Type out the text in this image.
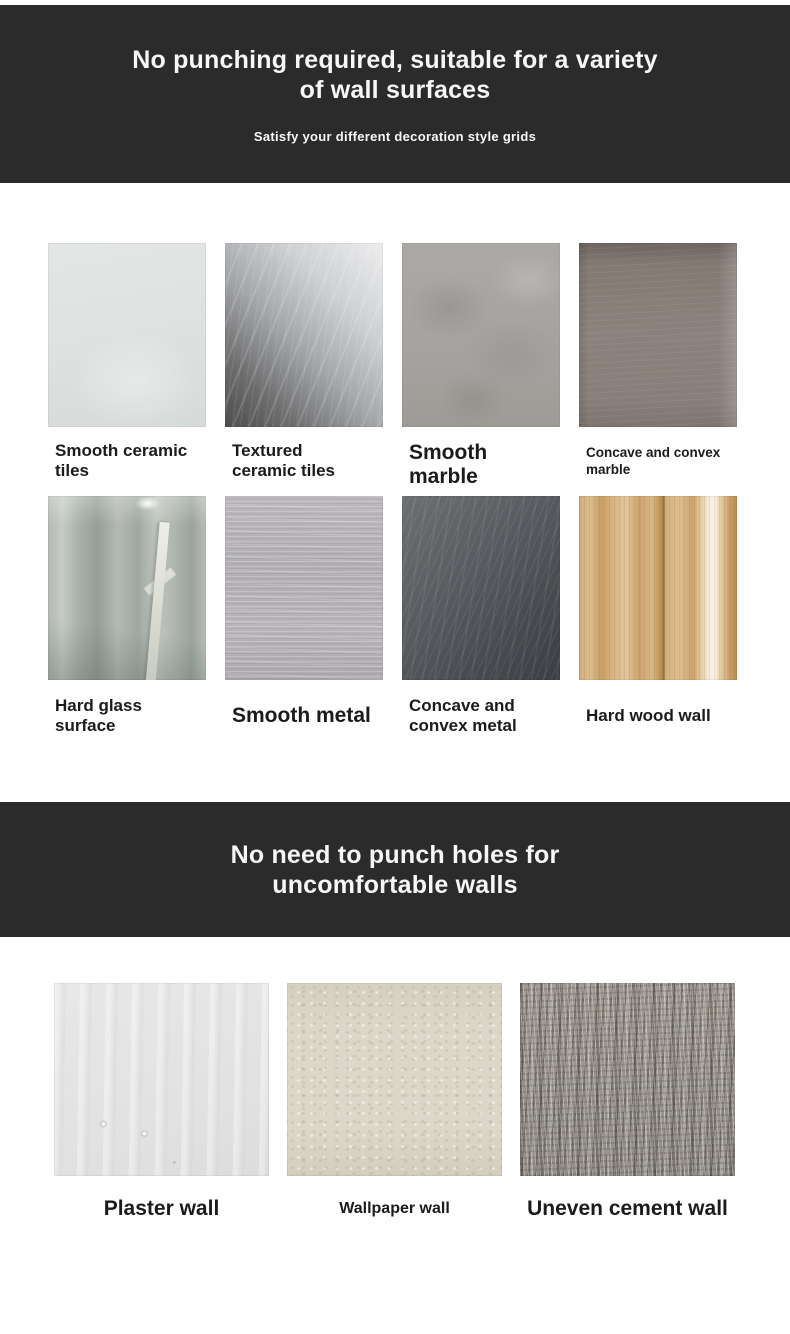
No punching required, suitable for a variety
of wall surfaces
Satisfy your different decoration style grids
Smooth ceramic
tiles
Textured
ceramic tiles
Smooth marble
Concave and convex
marble
Hard glass surface	Smooth metal	Concave and
convex metal
Hard wood wall
No need to punch holes for
uncomfortable walls
Plaster wall	Wallpaper wall	Uneven cement wall
